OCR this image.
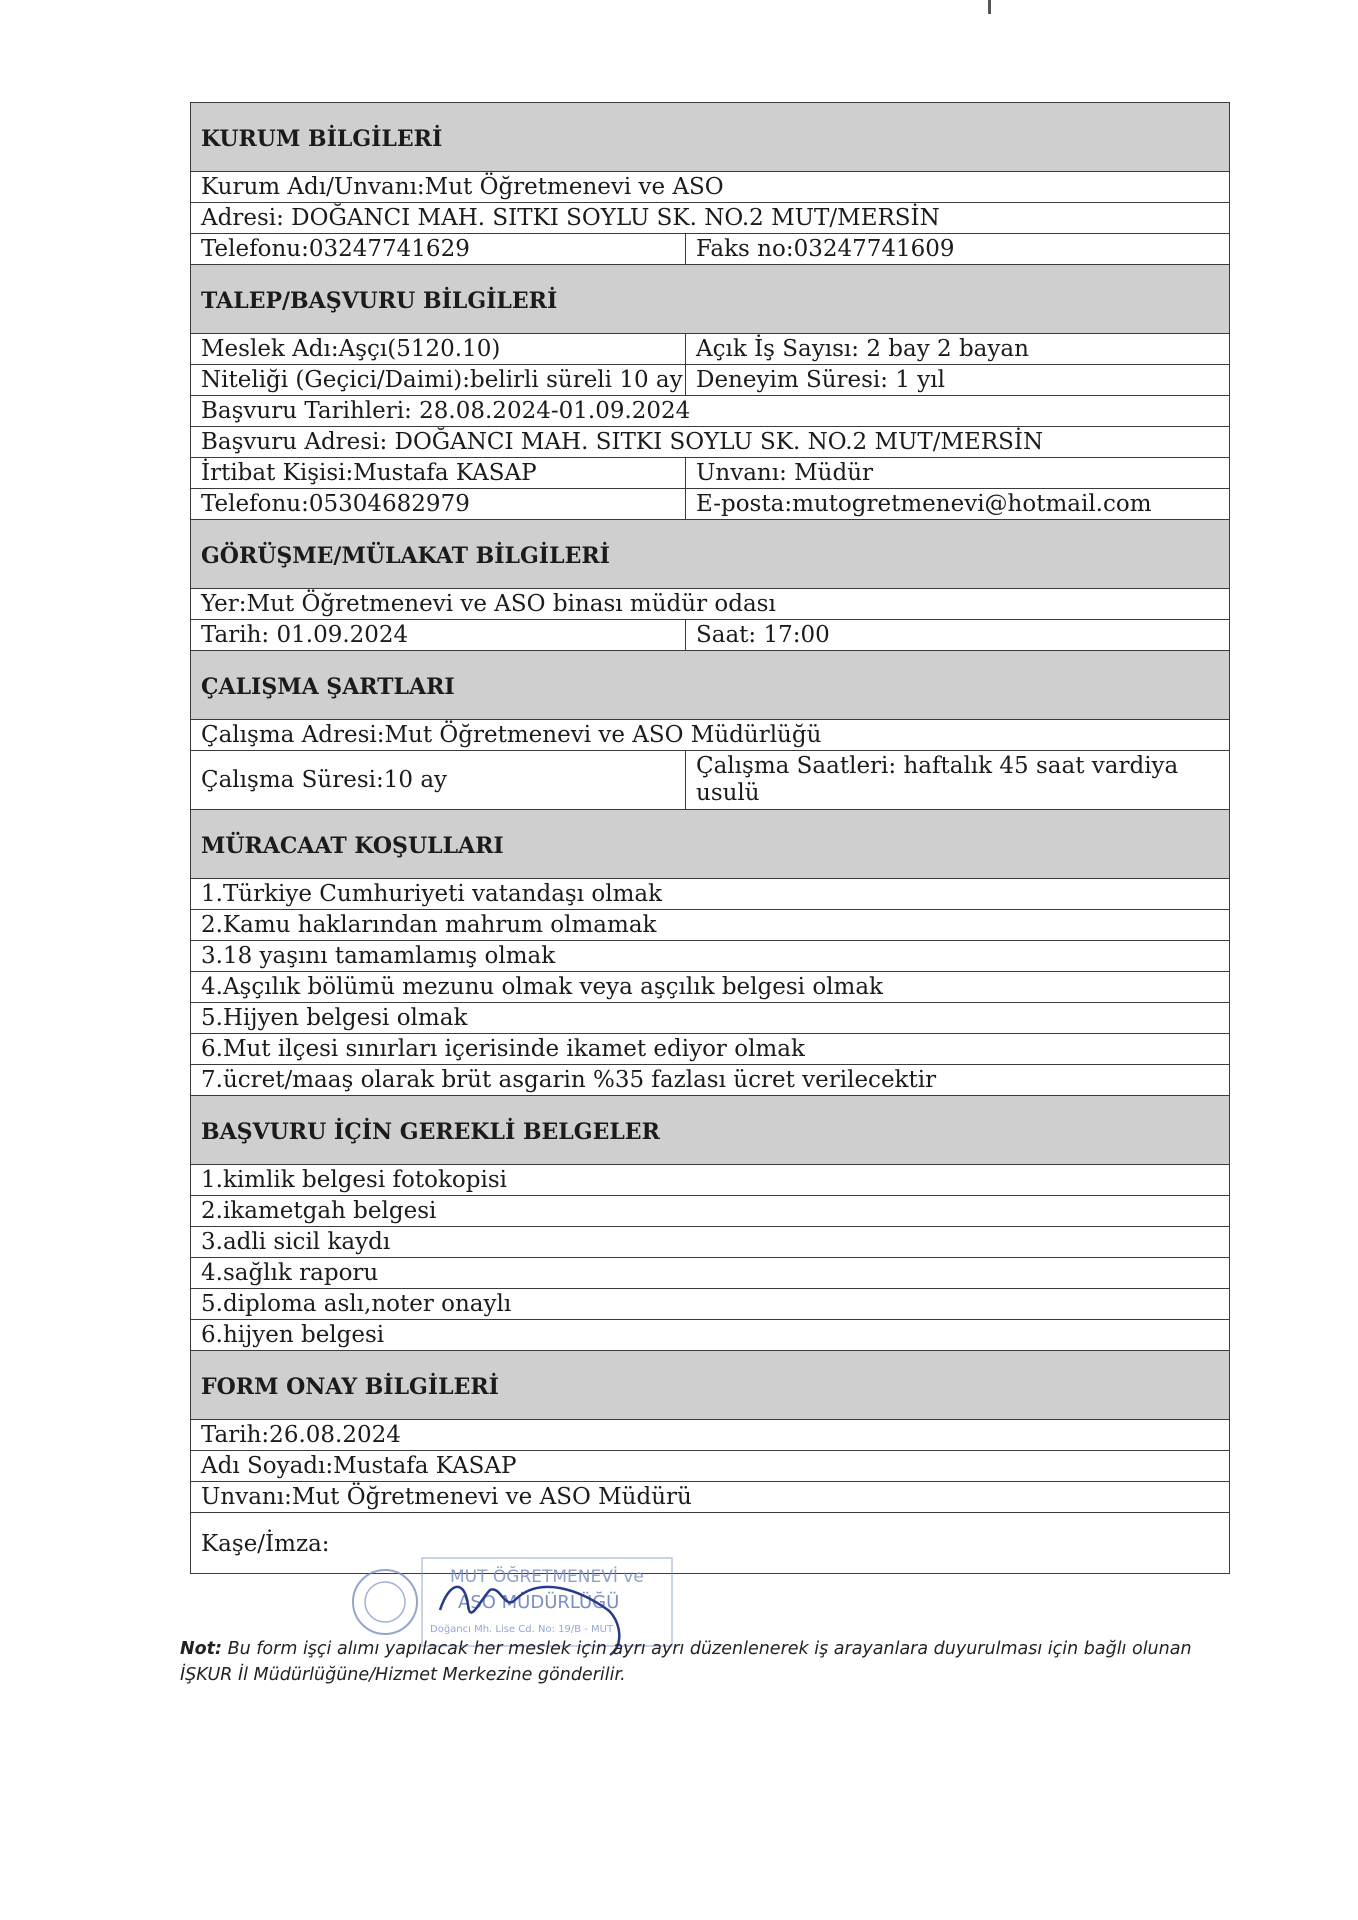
KURUM BİLGİLERİ	
Kurum Adı/Unvanı:Mut Öğretmenevi ve ASO	
Adresi: DOĞANCI MAH. SITKI SOYLU SK. NO.2 MUT/MERSİN	
Telefonu:03247741629	Faks no:03247741609
TALEP/BAŞVURU BİLGİLERİ	
Meslek Adı:Aşçı(5120.10)	Açık İş Sayısı: 2 bay 2 bayan
Niteliği (Geçici/Daimi):belirli süreli 10 ay	Deneyim Süresi: 1 yıl
Başvuru Tarihleri: 28.08.2024-01.09.2024	
Başvuru Adresi: DOĞANCI MAH. SITKI SOYLU SK. NO.2 MUT/MERSİN	
İrtibat Kişisi:Mustafa KASAP	Unvanı: Müdür
Telefonu:05304682979	E-posta:mutogretmenevi@hotmail.com
GÖRÜŞME/MÜLAKAT BİLGİLERİ	
Yer:Mut Öğretmenevi ve ASO binası müdür odası	
Tarih: 01.09.2024	Saat: 17:00
ÇALIŞMA ŞARTLARI	
Çalışma Adresi:Mut Öğretmenevi ve ASO Müdürlüğü	
Çalışma Süresi:10 ay	Çalışma Saatleri: haftalık 45 saat vardiya usulü
MÜRACAAT KOŞULLARI	
1.Türkiye Cumhuriyeti vatandaşı olmak	
2.Kamu haklarından mahrum olmamak	
3.18 yaşını tamamlamış olmak	
4.Aşçılık bölümü mezunu olmak veya aşçılık belgesi olmak	
5.Hijyen belgesi olmak	
6.Mut ilçesi sınırları içerisinde ikamet ediyor olmak	
7.ücret/maaş olarak brüt asgarin %35 fazlası ücret verilecektir	
BAŞVURU İÇİN GEREKLİ BELGELER	
1.kimlik belgesi fotokopisi	
2.ikametgah belgesi	
3.adli sicil kaydı	
4.sağlık raporu	
5.diploma aslı,noter onaylı	
6.hijyen belgesi	
FORM ONAY BİLGİLERİ	
Tarih:26.08.2024	
Adı Soyadı:Mustafa KASAP	
Unvanı:Mut Öğretmenevi ve ASO Müdürü	
Kaşe/İmza:	
MUT ÖĞRETMENEVİ ve
ASO MÜDÜRLÜĞÜ
Doğancı Mh. Lise Cd. No: 19/B - MUT
Not: Bu form işçi alımı yapılacak her meslek için ayrı ayrı düzenlenerek iş arayanlara duyurulması için bağlı olunan İŞKUR İl Müdürlüğüne/Hizmet Merkezine gönderilir.
